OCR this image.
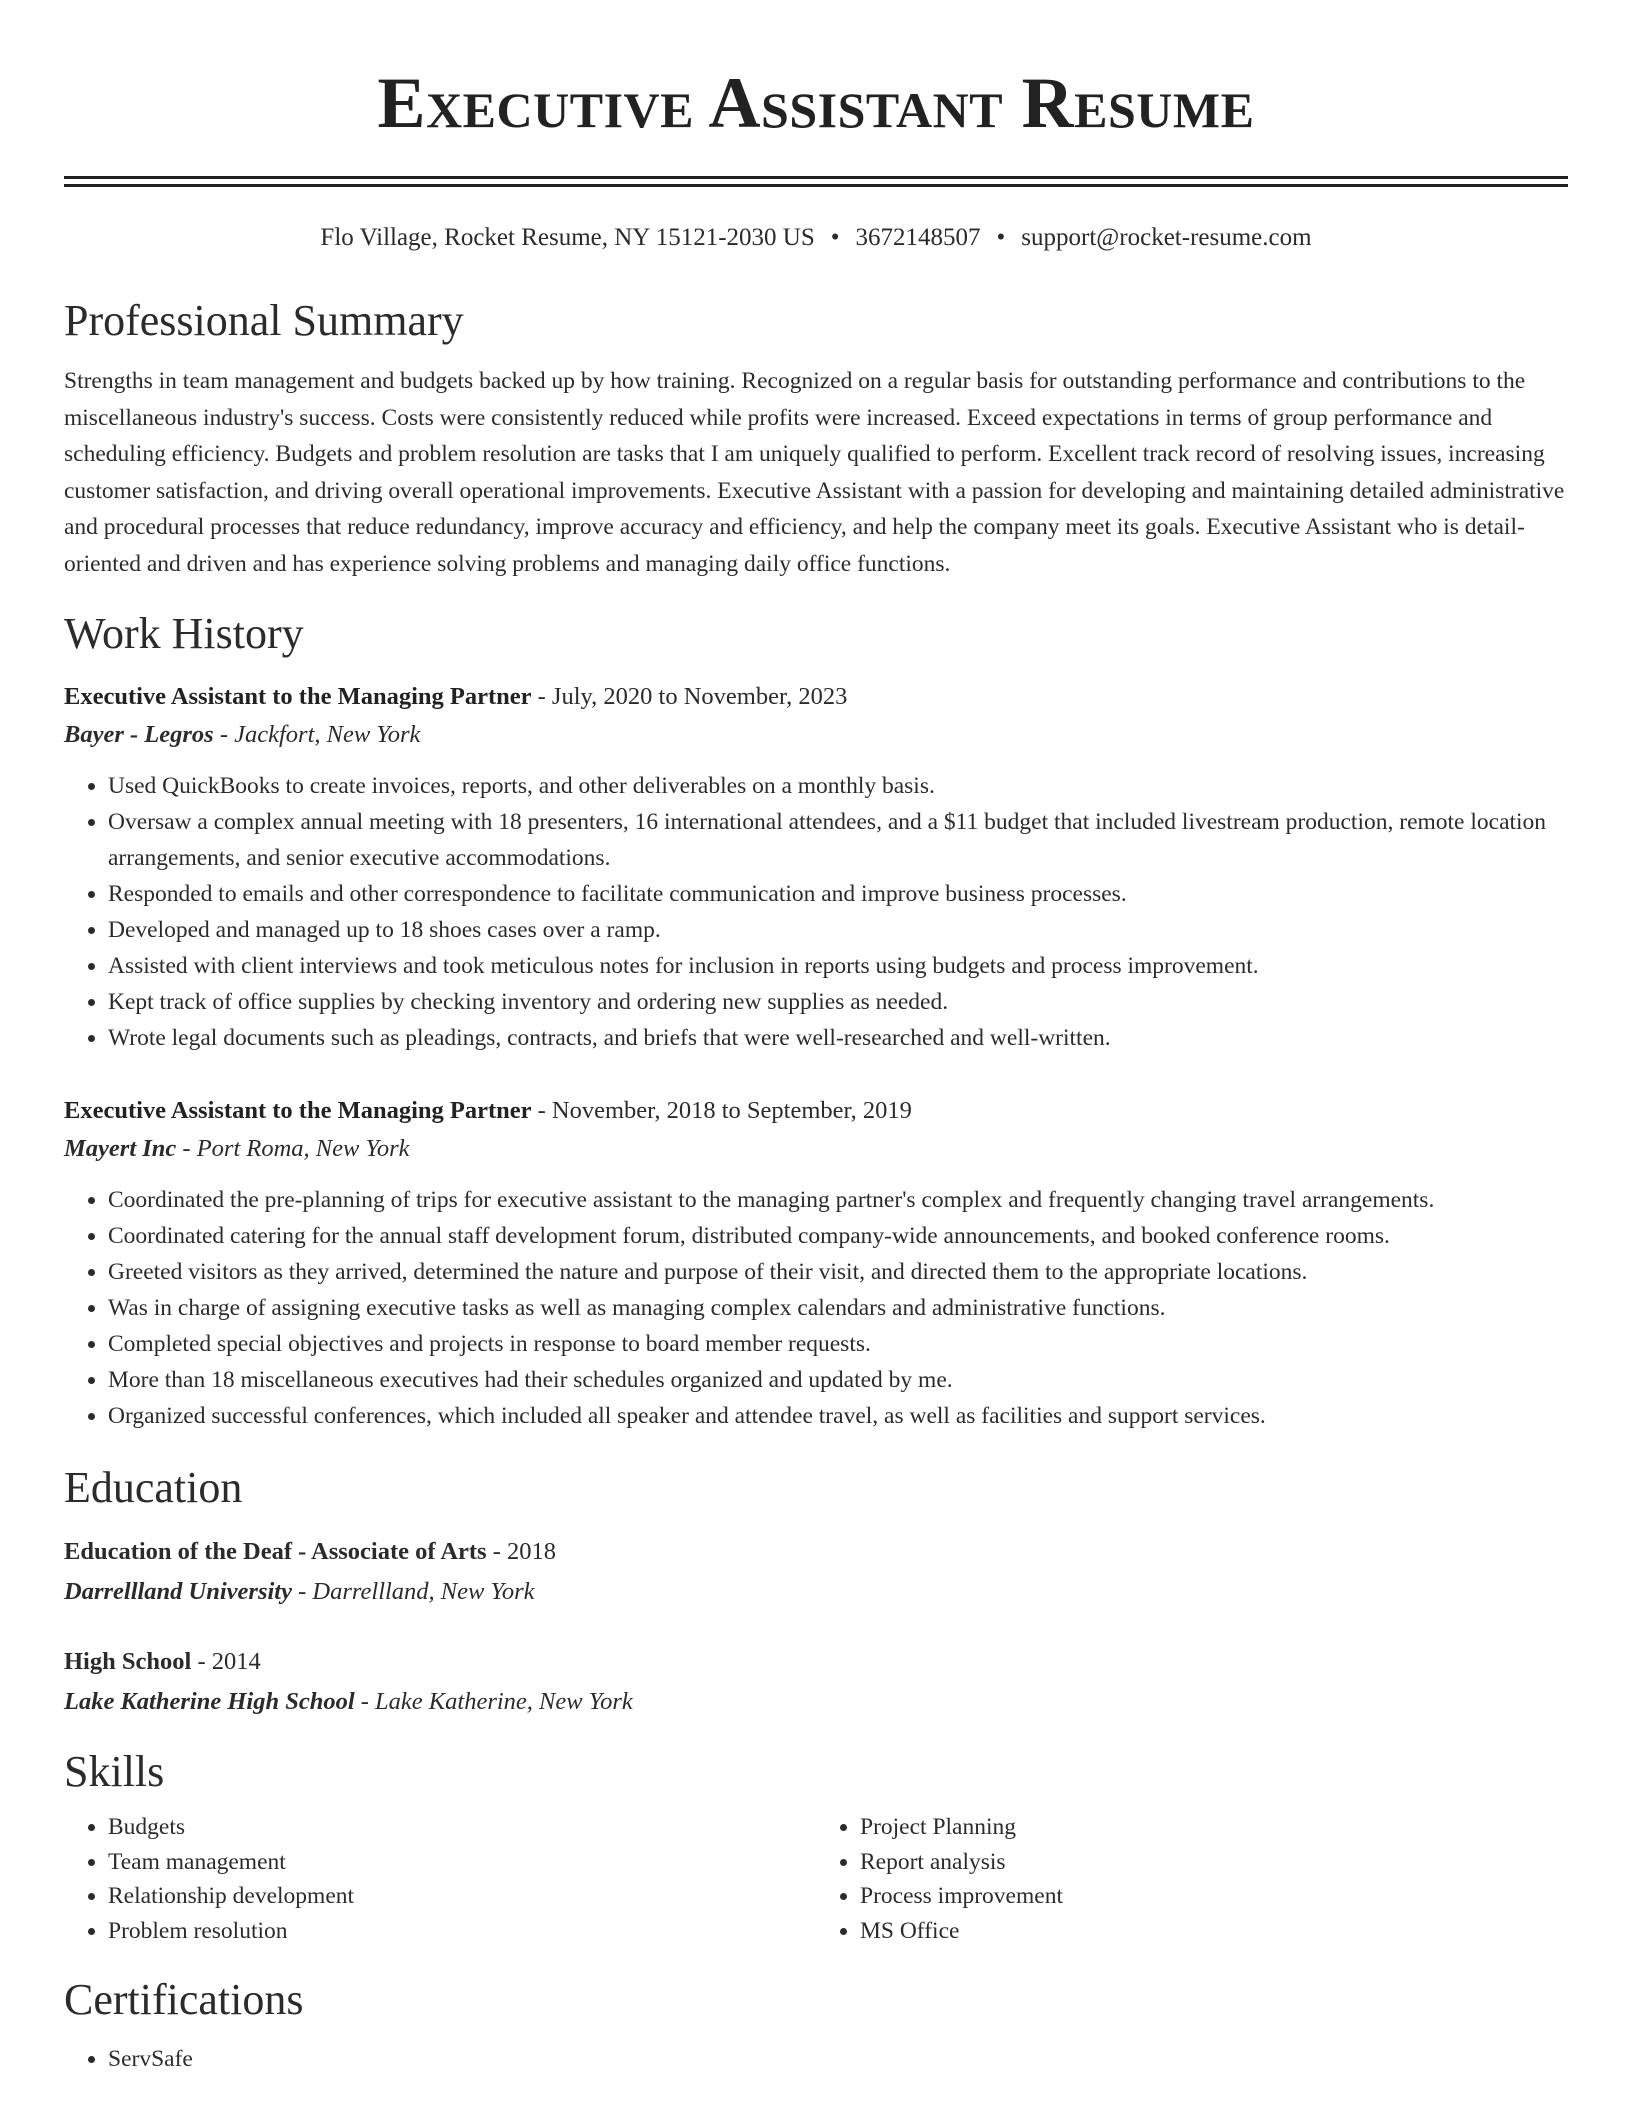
Executive Assistant Resume
Flo Village, Rocket Resume, NY 15121-2030 US • 3672148507 • support@rocket-resume.com
Professional Summary
Strengths in team management and budgets backed up by how training. Recognized on a regular basis for outstanding performance and contributions to the miscellaneous industry's success. Costs were consistently reduced while profits were increased. Exceed expectations in terms of group performance and scheduling efficiency. Budgets and problem resolution are tasks that I am uniquely qualified to perform. Excellent track record of resolving issues, increasing customer satisfaction, and driving overall operational improvements. Executive Assistant with a passion for developing and maintaining detailed administrative and procedural processes that reduce redundancy, improve accuracy and efficiency, and help the company meet its goals. Executive Assistant who is detail-oriented and driven and has experience solving problems and managing daily office functions.
Work History
Executive Assistant to the Managing Partner - July, 2020 to November, 2023
Bayer - Legros - Jackfort, New York
• Used QuickBooks to create invoices, reports, and other deliverables on a monthly basis.
• Oversaw a complex annual meeting with 18 presenters, 16 international attendees, and a $11 budget that included livestream production, remote location arrangements, and senior executive accommodations.
• Responded to emails and other correspondence to facilitate communication and improve business processes.
• Developed and managed up to 18 shoes cases over a ramp.
• Assisted with client interviews and took meticulous notes for inclusion in reports using budgets and process improvement.
• Kept track of office supplies by checking inventory and ordering new supplies as needed.
• Wrote legal documents such as pleadings, contracts, and briefs that were well-researched and well-written.
Executive Assistant to the Managing Partner - November, 2018 to September, 2019
Mayert Inc - Port Roma, New York
• Coordinated the pre-planning of trips for executive assistant to the managing partner's complex and frequently changing travel arrangements.
• Coordinated catering for the annual staff development forum, distributed company-wide announcements, and booked conference rooms.
• Greeted visitors as they arrived, determined the nature and purpose of their visit, and directed them to the appropriate locations.
• Was in charge of assigning executive tasks as well as managing complex calendars and administrative functions.
• Completed special objectives and projects in response to board member requests.
• More than 18 miscellaneous executives had their schedules organized and updated by me.
• Organized successful conferences, which included all speaker and attendee travel, as well as facilities and support services.
Education
Education of the Deaf - Associate of Arts - 2018
Darrellland University - Darrellland, New York
High School - 2014
Lake Katherine High School - Lake Katherine, New York
Skills
• Budgets
• Team management
• Relationship development
• Problem resolution
• Project Planning
• Report analysis
• Process improvement
• MS Office
Certifications
• ServSafe
